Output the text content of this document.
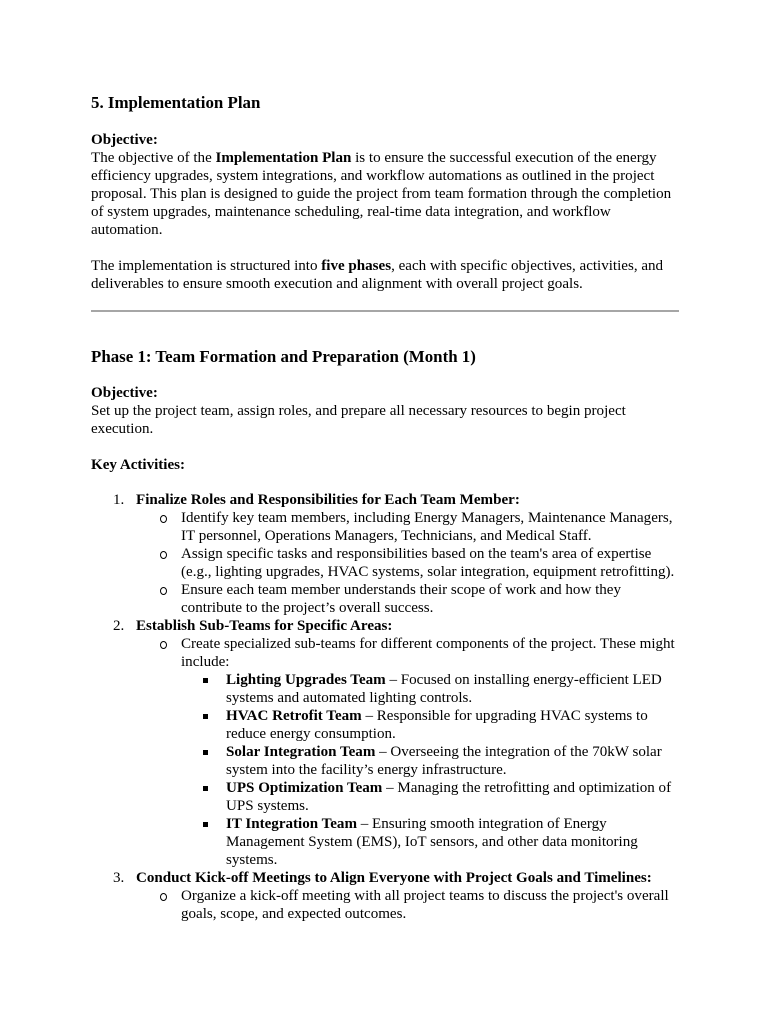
5. Implementation Plan
Objective:
The objective of the Implementation Plan is to ensure the successful execution of the energy efficiency upgrades, system integrations, and workflow automations as outlined in the project proposal. This plan is designed to guide the project from team formation through the completion of system upgrades, maintenance scheduling, real-time data integration, and workflow automation.
The implementation is structured into five phases, each with specific objectives, activities, and deliverables to ensure smooth execution and alignment with overall project goals.
Phase 1: Team Formation and Preparation (Month 1)
Objective:
Set up the project team, assign roles, and prepare all necessary resources to begin project execution.
Key Activities:
1. Finalize Roles and Responsibilities for Each Team Member:
Identify key team members, including Energy Managers, Maintenance Managers, IT personnel, Operations Managers, Technicians, and Medical Staff.
Assign specific tasks and responsibilities based on the team's area of expertise (e.g., lighting upgrades, HVAC systems, solar integration, equipment retrofitting).
Ensure each team member understands their scope of work and how they contribute to the project’s overall success.
2. Establish Sub-Teams for Specific Areas:
Create specialized sub-teams for different components of the project. These might include:
Lighting Upgrades Team – Focused on installing energy-efficient LED systems and automated lighting controls.
HVAC Retrofit Team – Responsible for upgrading HVAC systems to reduce energy consumption.
Solar Integration Team – Overseeing the integration of the 70kW solar system into the facility’s energy infrastructure.
UPS Optimization Team – Managing the retrofitting and optimization of UPS systems.
IT Integration Team – Ensuring smooth integration of Energy Management System (EMS), IoT sensors, and other data monitoring systems.
3. Conduct Kick-off Meetings to Align Everyone with Project Goals and Timelines:
Organize a kick-off meeting with all project teams to discuss the project's overall goals, scope, and expected outcomes.
